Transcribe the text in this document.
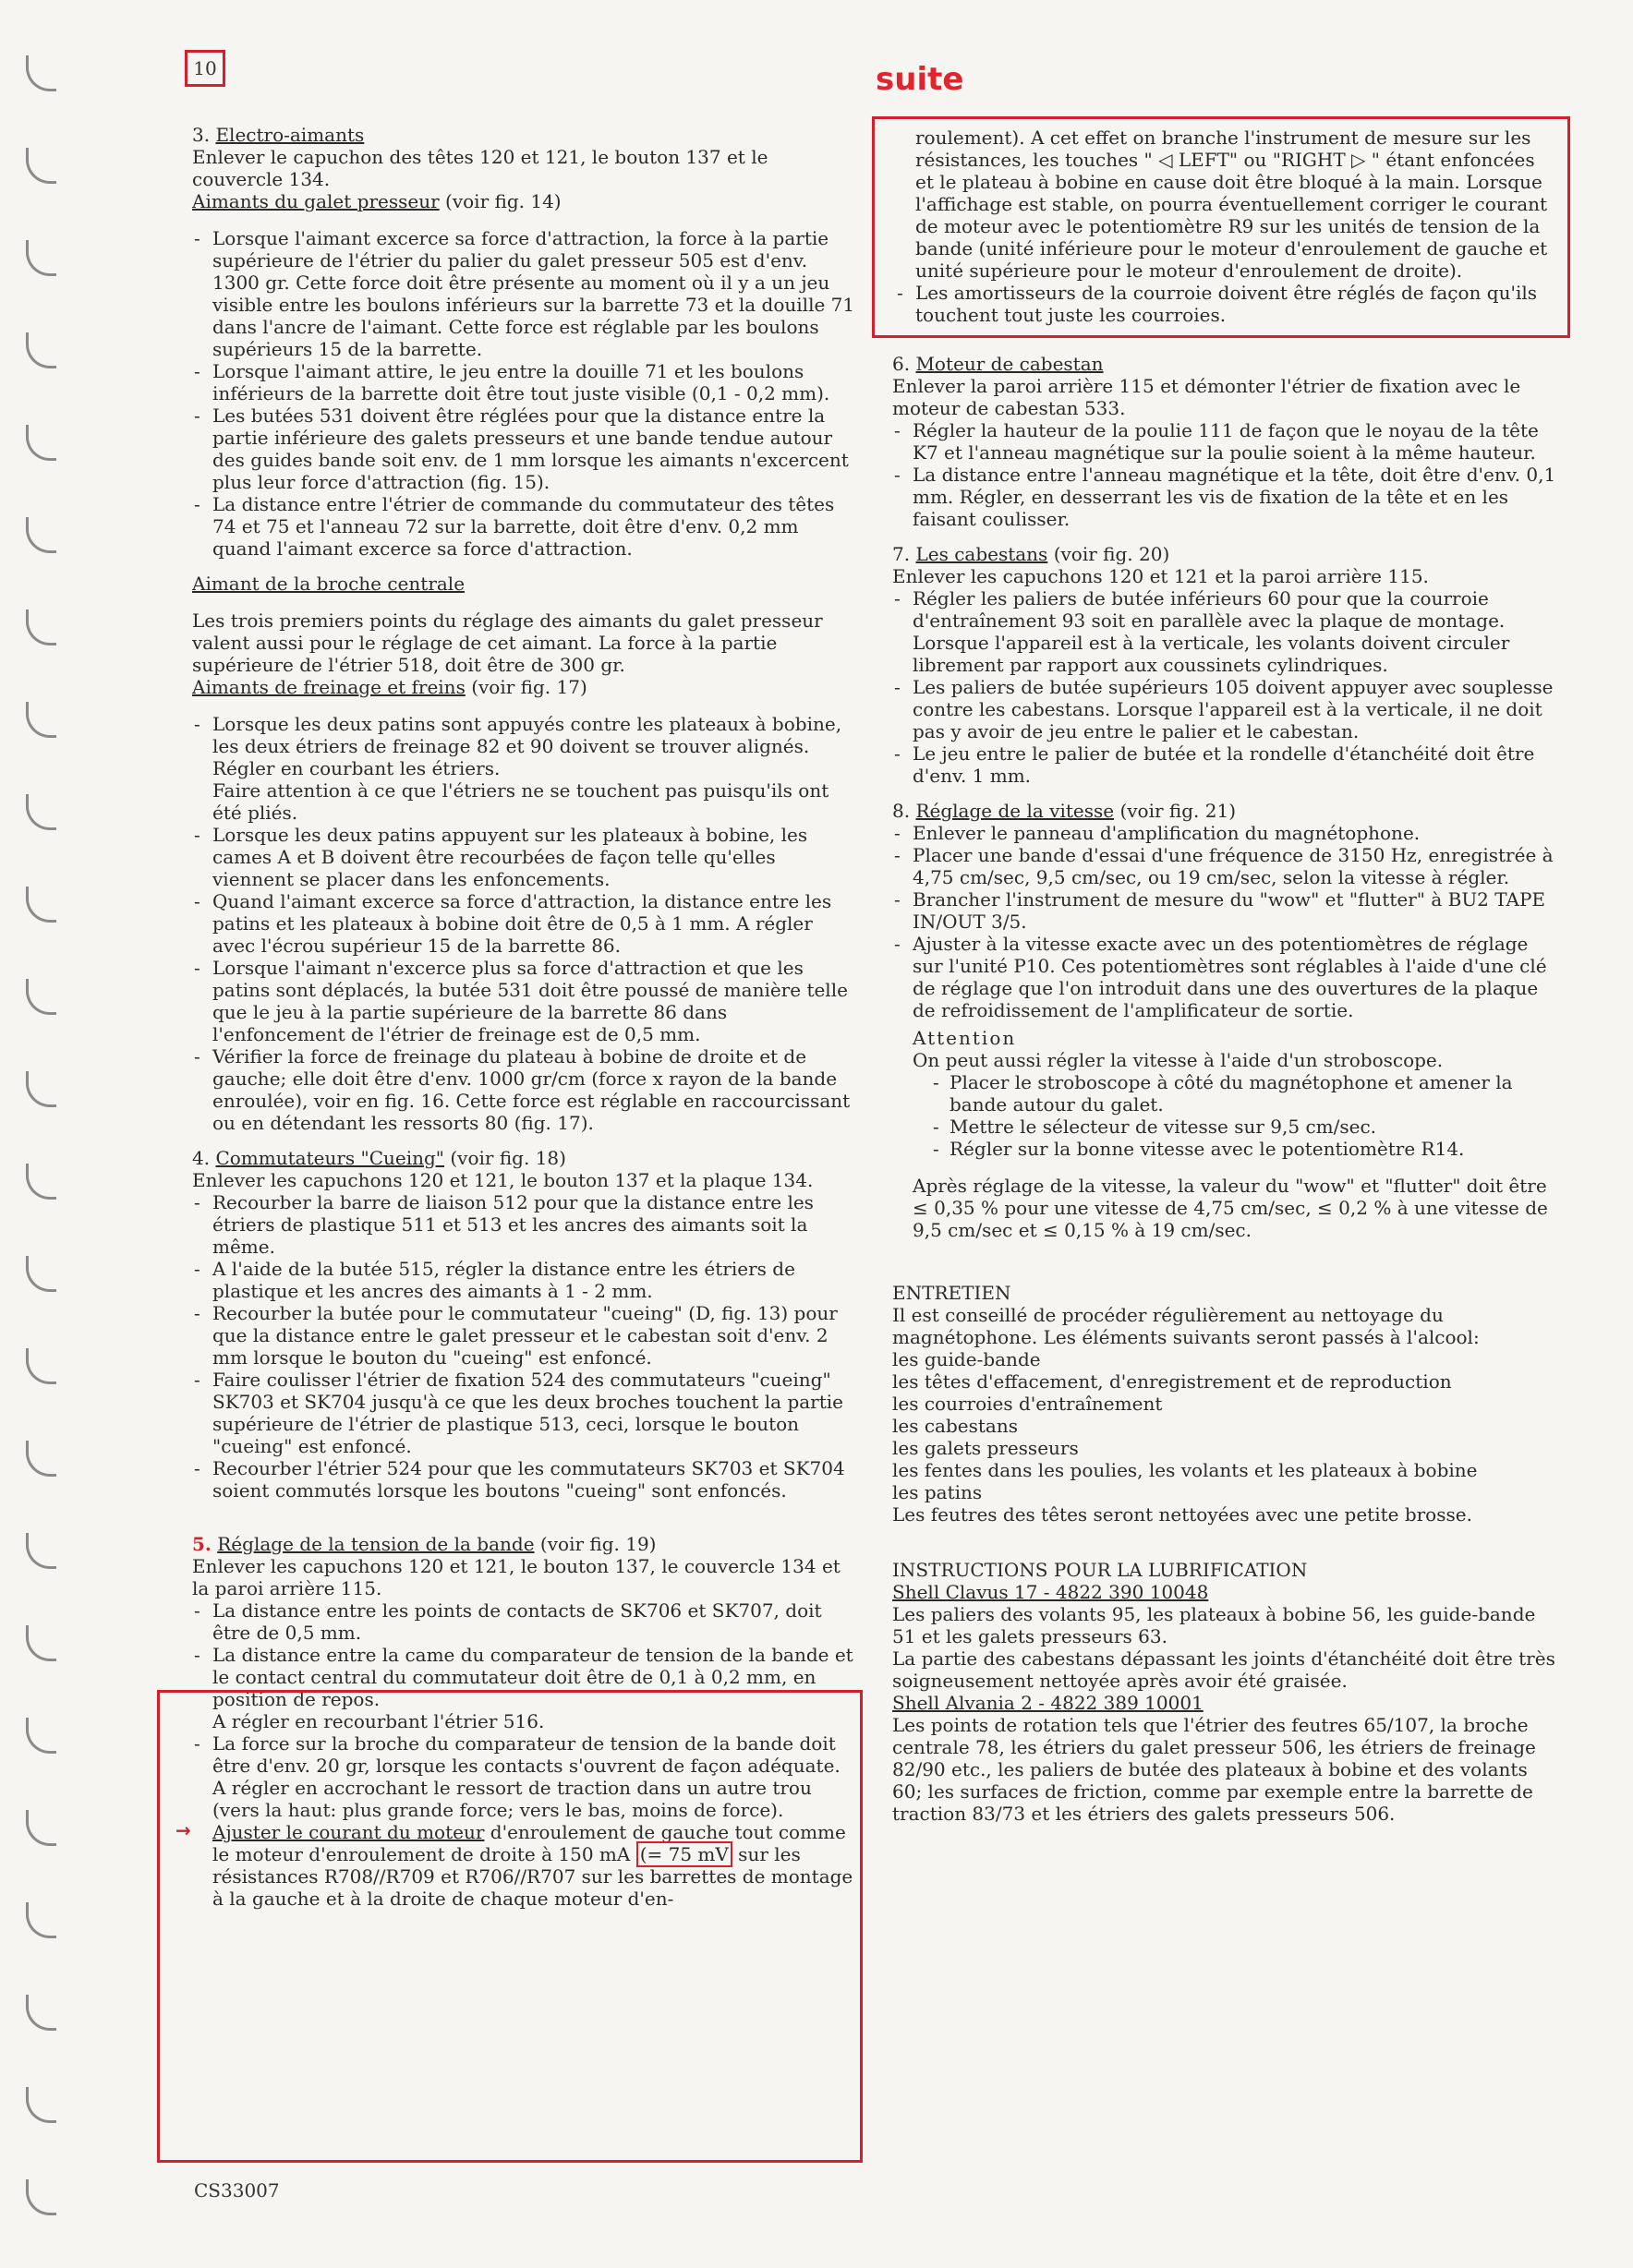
10	suite

3. Electro-aimants

Enlever le capuchon des têtes 120 et 121, le bouton 137 et le couvercle 134.

Aimants du galet presseur (voir fig. 14)

- Lorsque l'aimant excerce sa force d'attraction, la force à la partie supérieure de l'étrier du palier du galet presseur 505 est d'env. 1300 gr. Cette force doit être présente au moment où il y a un jeu visible entre les boulons inférieurs sur la barrette 73 et la douille 71 dans l'ancre de l'aimant. Cette force est réglable par les boulons supérieurs 15 de la barrette.
- Lorsque l'aimant attire, le jeu entre la douille 71 et les boulons inférieurs de la barrette doit être tout juste visible (0,1 - 0,2 mm).
- Les butées 531 doivent être réglées pour que la distance entre la partie inférieure des galets presseurs et une bande tendue autour des guides bande soit env. de 1 mm lorsque les aimants n'excercent plus leur force d'attraction (fig. 15).
- La distance entre l'étrier de commande du commutateur des têtes 74 et 75 et l'anneau 72 sur la barrette, doit être d'env. 0,2 mm quand l'aimant excerce sa force d'attraction.

Aimant de la broche centrale

Les trois premiers points du réglage des aimants du galet presseur valent aussi pour le réglage de cet aimant. La force à la partie supérieure de l'étrier 518, doit être de 300 gr.

Aimants de freinage et freins (voir fig. 17)

- Lorsque les deux patins sont appuyés contre les plateaux à bobine, les deux étriers de freinage 82 et 90 doivent se trouver alignés. Régler en courbant les étriers.
Faire attention à ce que l'étriers ne se touchent pas puisqu'ils ont été pliés.
- Lorsque les deux patins appuyent sur les plateaux à bobine, les cames A et B doivent être recourbées de façon telle qu'elles viennent se placer dans les enfoncements.
- Quand l'aimant excerce sa force d'attraction, la distance entre les patins et les plateaux à bobine doit être de 0,5 à 1 mm. A régler avec l'écrou supérieur 15 de la barrette 86.
- Lorsque l'aimant n'excerce plus sa force d'attraction et que les patins sont déplacés, la butée 531 doit être poussé de manière telle que le jeu à la partie supérieure de la barrette 86 dans l'enfoncement de l'étrier de freinage est de 0,5 mm.
- Vérifier la force de freinage du plateau à bobine de droite et de gauche; elle doit être d'env. 1000 gr/cm (force x rayon de la bande enroulée), voir en fig. 16. Cette force est réglable en raccourcissant ou en détendant les ressorts 80 (fig. 17).

4. Commutateurs "Cueing" (voir fig. 18)

Enlever les capuchons 120 et 121, le bouton 137 et la plaque 134.

- Recourber la barre de liaison 512 pour que la distance entre les étriers de plastique 511 et 513 et les ancres des aimants soit la même.
- A l'aide de la butée 515, régler la distance entre les étriers de plastique et les ancres des aimants à 1 - 2 mm.
- Recourber la butée pour le commutateur "cueing" (D, fig. 13) pour que la distance entre le galet presseur et le cabestan soit d'env. 2 mm lorsque le bouton du "cueing" est enfoncé.
- Faire coulisser l'étrier de fixation 524 des commutateurs "cueing" SK703 et SK704 jusqu'à ce que les deux broches touchent la partie supérieure de l'étrier de plastique 513, ceci, lorsque le bouton "cueing" est enfoncé.
- Recourber l'étrier 524 pour que les commutateurs SK703 et SK704 soient commutés lorsque les boutons "cueing" sont enfoncés.

5. Réglage de la tension de la bande (voir fig. 19)

Enlever les capuchons 120 et 121, le bouton 137, le couvercle 134 et la paroi arrière 115.

- La distance entre les points de contacts de SK706 et SK707, doit être de 0,5 mm.
- La distance entre la came du comparateur de tension de la bande et le contact central du commutateur doit être de 0,1 à 0,2 mm, en position de repos.
A régler en recourbant l'étrier 516.
- La force sur la broche du comparateur de tension de la bande doit être d'env. 20 gr, lorsque les contacts s'ouvrent de façon adéquate.
A régler en accrochant le ressort de traction dans un autre trou (vers la haut: plus grande force; vers le bas, moins de force).

→ Ajuster le courant du moteur d'enroulement de gauche tout comme le moteur d'enroulement de droite à 150 mA (= 75 mV sur les résistances R708//R709 et R706//R707 sur les barrettes de montage à la gauche et à la droite de chaque moteur d'en-

roulement). A cet effet on branche l'instrument de mesure sur les résistances, les touches " ◁ LEFT" ou "RIGHT ▷ " étant enfoncées et le plateau à bobine en cause doit être bloqué à la main. Lorsque l'affichage est stable, on pourra éventuellement corriger le courant de moteur avec le potentiomètre R9 sur les unités de tension de la bande (unité inférieure pour le moteur d'enroulement de gauche et unité supérieure pour le moteur d'enroulement de droite).

- Les amortisseurs de la courroie doivent être réglés de façon qu'ils touchent tout juste les courroies.

6. Moteur de cabestan

Enlever la paroi arrière 115 et démonter l'étrier de fixation avec le moteur de cabestan 533.

- Régler la hauteur de la poulie 111 de façon que le noyau de la tête K7 et l'anneau magnétique sur la poulie soient à la même hauteur.
- La distance entre l'anneau magnétique et la tête, doit être d'env. 0,1 mm. Régler, en desserrant les vis de fixation de la tête et en les faisant coulisser.

7. Les cabestans (voir fig. 20)

Enlever les capuchons 120 et 121 et la paroi arrière 115.

- Régler les paliers de butée inférieurs 60 pour que la courroie d'entraînement 93 soit en parallèle avec la plaque de montage. Lorsque l'appareil est à la verticale, les volants doivent circuler librement par rapport aux coussinets cylindriques.
- Les paliers de butée supérieurs 105 doivent appuyer avec souplesse contre les cabestans. Lorsque l'appareil est à la verticale, il ne doit pas y avoir de jeu entre le palier et le cabestan.
- Le jeu entre le palier de butée et la rondelle d'étanchéité doit être d'env. 1 mm.

8. Réglage de la vitesse (voir fig. 21)

- Enlever le panneau d'amplification du magnétophone.
- Placer une bande d'essai d'une fréquence de 3150 Hz, enregistrée à 4,75 cm/sec, 9,5 cm/sec, ou 19 cm/sec, selon la vitesse à régler.
- Brancher l'instrument de mesure du "wow" et "flutter" à BU2 TAPE IN/OUT 3/5.
- Ajuster à la vitesse exacte avec un des potentiomètres de réglage sur l'unité P10. Ces potentiomètres sont réglables à l'aide d'une clé de réglage que l'on introduit dans une des ouvertures de la plaque de refroidissement de l'amplificateur de sortie.

Attention

On peut aussi régler la vitesse à l'aide d'un stroboscope.

- Placer le stroboscope à côté du magnétophone et amener la bande autour du galet.
- Mettre le sélecteur de vitesse sur 9,5 cm/sec.
- Régler sur la bonne vitesse avec le potentiomètre R14.

Après réglage de la vitesse, la valeur du "wow" et "flutter" doit être ≤ 0,35 % pour une vitesse de 4,75 cm/sec, ≤ 0,2 % à une vitesse de 9,5 cm/sec et ≤ 0,15 % à 19 cm/sec.

ENTRETIEN

Il est conseillé de procéder régulièrement au nettoyage du magnétophone. Les éléments suivants seront passés à l'alcool:

les guide-bande

les têtes d'effacement, d'enregistrement et de reproduction

les courroies d'entraînement

les cabestans

les galets presseurs

les fentes dans les poulies, les volants et les plateaux à bobine

les patins

Les feutres des têtes seront nettoyées avec une petite brosse.

INSTRUCTIONS POUR LA LUBRIFICATION

Shell Clavus 17 - 4822 390 10048

Les paliers des volants 95, les plateaux à bobine 56, les guide-bande 51 et les galets presseurs 63.

La partie des cabestans dépassant les joints d'étanchéité doit être très soigneusement nettoyée après avoir été graisée.

Shell Alvania 2 - 4822 389 10001

Les points de rotation tels que l'étrier des feutres 65/107, la broche centrale 78, les étriers du galet presseur 506, les étriers de freinage 82/90 etc., les paliers de butée des plateaux à bobine et des volants 60; les surfaces de friction, comme par exemple entre la barrette de traction 83/73 et les étriers des galets presseurs 506.

CS33007
